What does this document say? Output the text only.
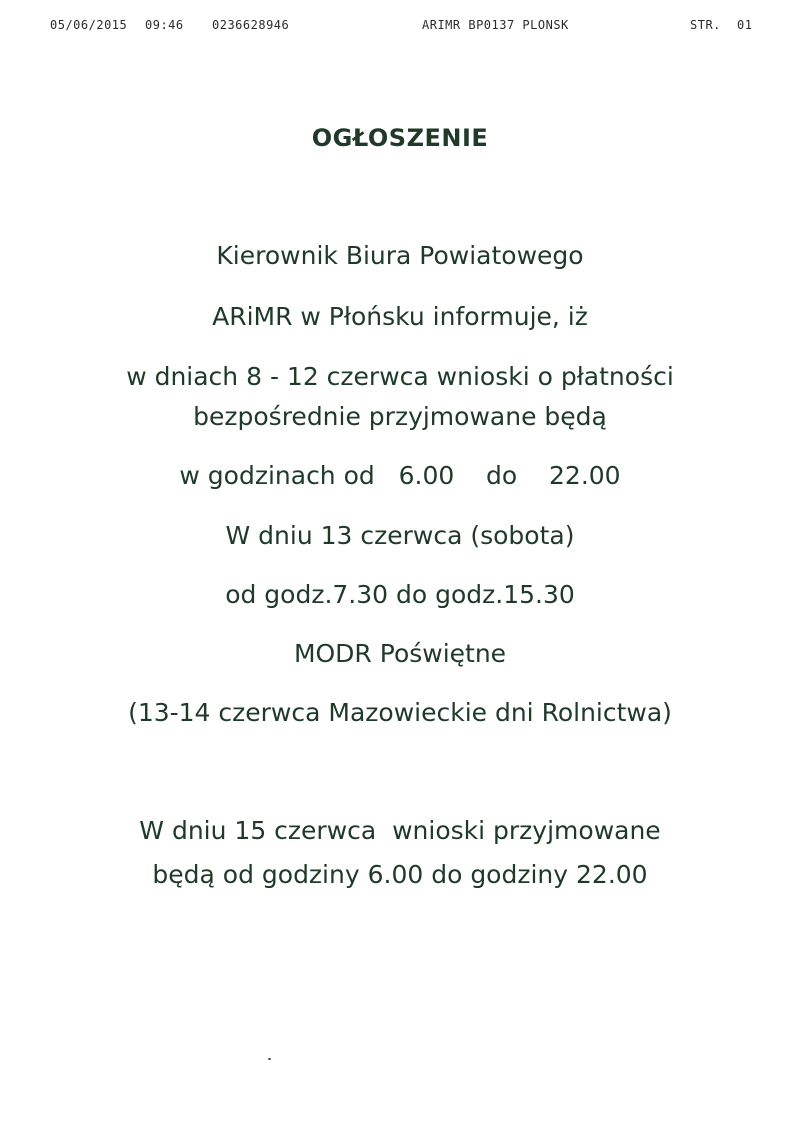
05/06/2015 09:46 0236628946	ARIMR BP0137 PLONSK	STR. 01
OGŁOSZENIE
Kierownik Biura Powiatowego
ARiMR w Płońsku informuje, iż
w dniach 8 - 12 czerwca wnioski o płatności
bezpośrednie przyjmowane będą
w godzinach od   6.00    do    22.00
W dniu 13 czerwca (sobota)
od godz.7.30 do godz.15.30
MODR Poświętne
(13-14 czerwca Mazowieckie dni Rolnictwa)
W dniu 15 czerwca  wnioski przyjmowane
będą od godziny 6.00 do godziny 22.00
